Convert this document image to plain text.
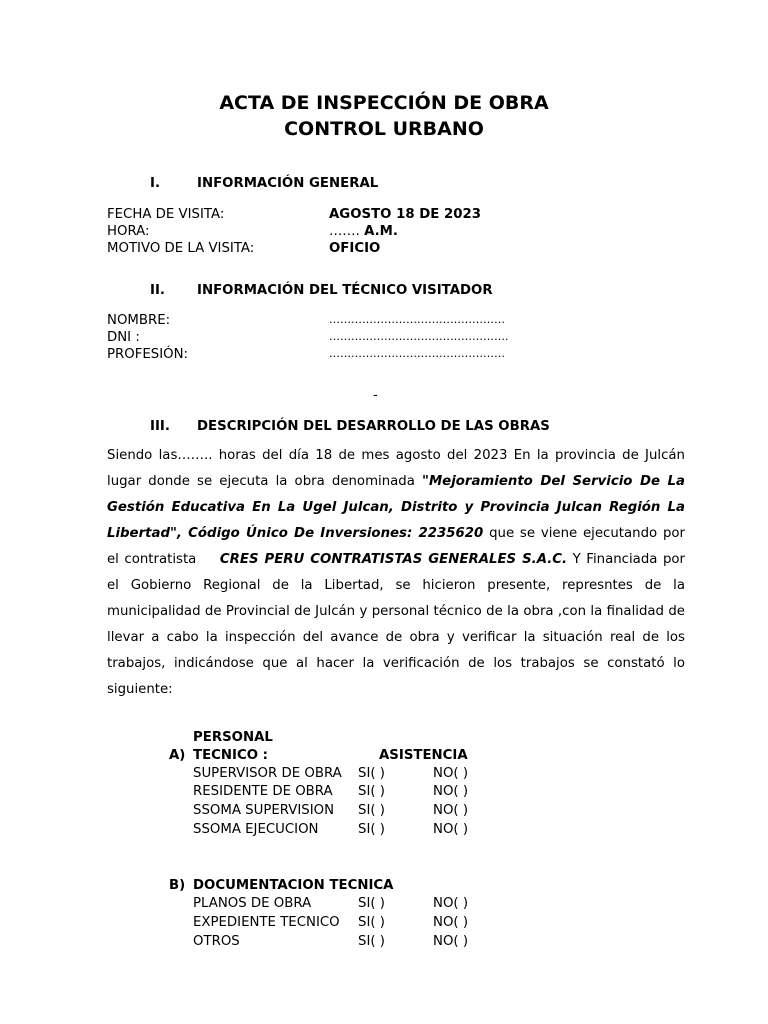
ACTA DE INSPECCIÓN DE OBRA
CONTROL URBANO
I.	INFORMACIÓN GENERAL
FECHA DE VISITA:	AGOSTO 18 DE 2023
HORA:	……. A.M.
MOTIVO DE LA VISITA:	OFICIO
II. INFORMACIÓN DEL TÉCNICO VISITADOR
NOMBRE:	…………………………………………
DNI :	………………………………………….
PROFESIÓN:	…………………………………………
-
III. DESCRIPCIÓN DEL DESARROLLO DE LAS OBRAS
Siendo las…….. horas del día 18 de mes agosto del 2023 En la provincia de Julcán lugar donde se ejecuta la obra denominada "Mejoramiento Del Servicio De La Gestión Educativa En La Ugel Julcan, Distrito y Provincia Julcan Región La Libertad", Código Único De Inversiones: 2235620 que se viene ejecutando por el contratista CRES PERU CONTRATISTAS GENERALES S.A.C. Y Financiada por el Gobierno Regional de la Libertad, se hicieron presente, represntes de la municipalidad de Provincial de Julcán y personal técnico de la obra ,con la finalidad de llevar a cabo la inspección del avance de obra y verificar la situación real de los trabajos, indicándose que al hacer la verificación de los trabajos se constató lo siguiente:
PERSONAL
A) TECNICO :	ASISTENCIA
SUPERVISOR DE OBRA SI( )	NO( )
RESIDENTE DE OBRA SI( )	NO( )
SSOMA SUPERVISION SI( )	NO( )
SSOMA EJECUCION	SI( )	NO( )
B) DOCUMENTACION TECNICA
PLANOS DE OBRA	SI( )	NO( )
EXPEDIENTE TECNICO SI( )	NO( )
OTROS	SI( )	NO( )
